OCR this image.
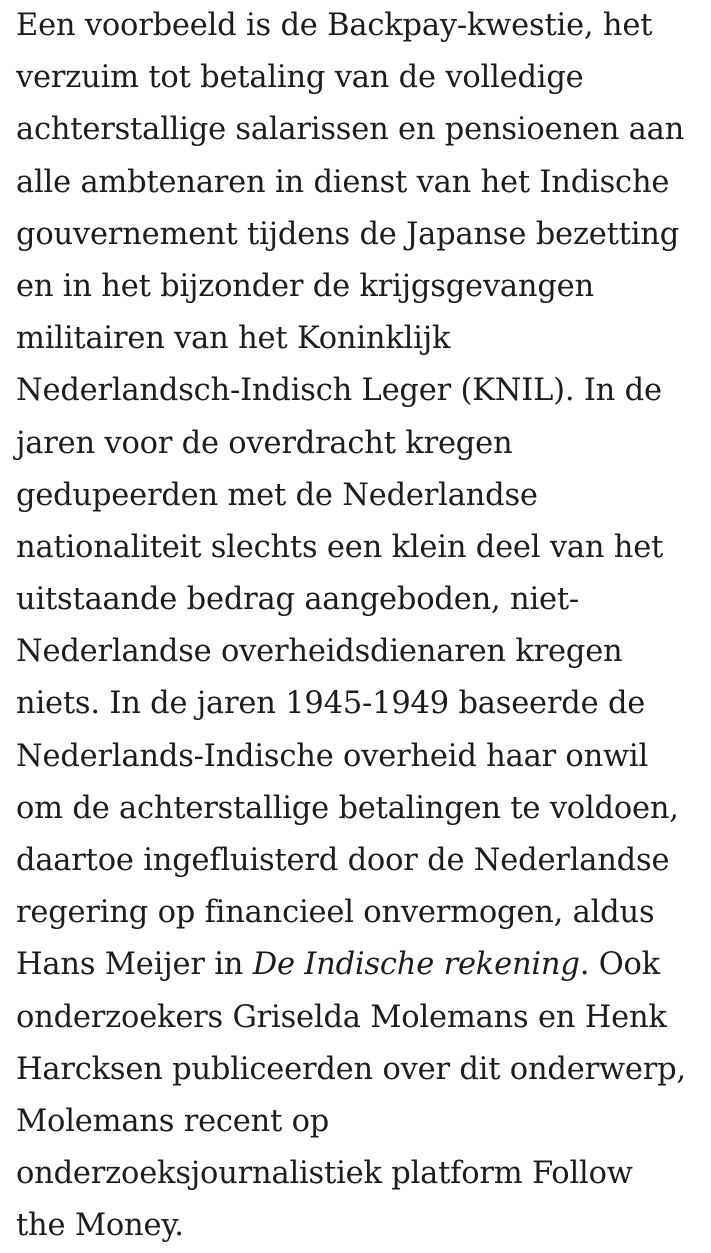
Een voorbeeld is de Backpay-kwestie, het
verzuim tot betaling van de volledige
achterstallige salarissen en pensioenen aan
alle ambtenaren in dienst van het Indische
gouvernement tijdens de Japanse bezetting
en in het bijzonder de krijgsgevangen
militairen van het Koninklijk
Nederlandsch-Indisch Leger (KNIL). In de
jaren voor de overdracht kregen
gedupeerden met de Nederlandse
nationaliteit slechts een klein deel van het
uitstaande bedrag aangeboden, niet-
Nederlandse overheidsdienaren kregen
niets. In de jaren 1945-1949 baseerde de
Nederlands-Indische overheid haar onwil
om de achterstallige betalingen te voldoen,
daartoe ingefluisterd door de Nederlandse
regering op financieel onvermogen, aldus
Hans Meijer in De Indische rekening. Ook
onderzoekers Griselda Molemans en Henk
Harcksen publiceerden over dit onderwerp,
Molemans recent op
onderzoeksjournalistiek platform Follow
the Money.
